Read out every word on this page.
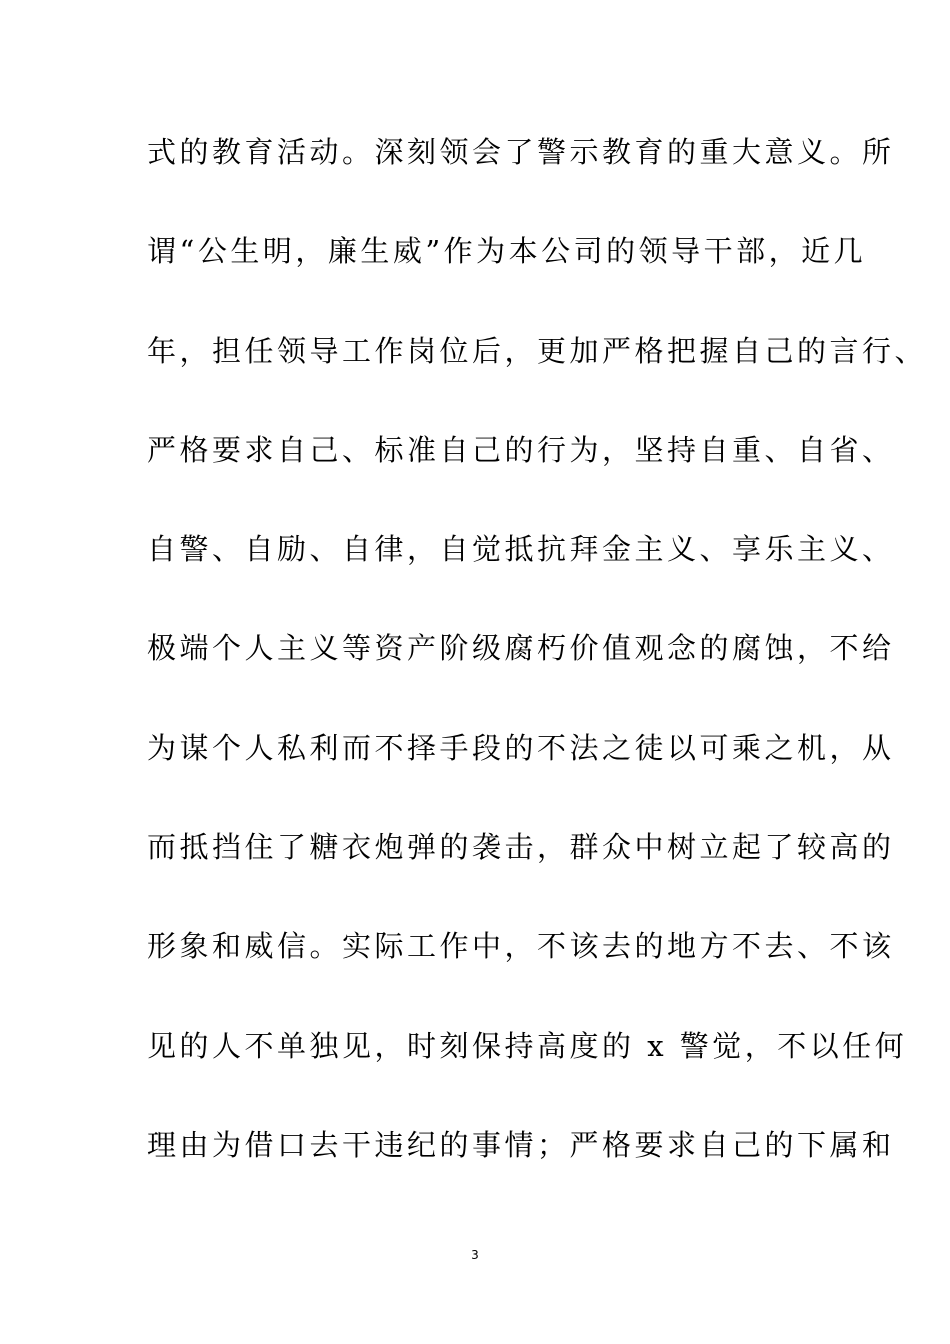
式的教育活动。深刻领会了警示教育的重大意义。所
谓“公生明，廉生威”作为本公司的领导干部，近几
年，担任领导工作岗位后，更加严格把握自己的言行、
严格要求自己、标准自己的行为，坚持自重、自省、
自警、自励、自律，自觉抵抗拜金主义、享乐主义、
极端个人主义等资产阶级腐朽价值观念的腐蚀，不给
为谋个人私利而不择手段的不法之徒以可乘之机，从
而抵挡住了糖衣炮弹的袭击，群众中树立起了较高的
形象和威信。实际工作中，不该去的地方不去、不该
见的人不单独见，时刻保持高度的 x 警觉，不以任何
理由为借口去干违纪的事情；严格要求自己的下属和
3
